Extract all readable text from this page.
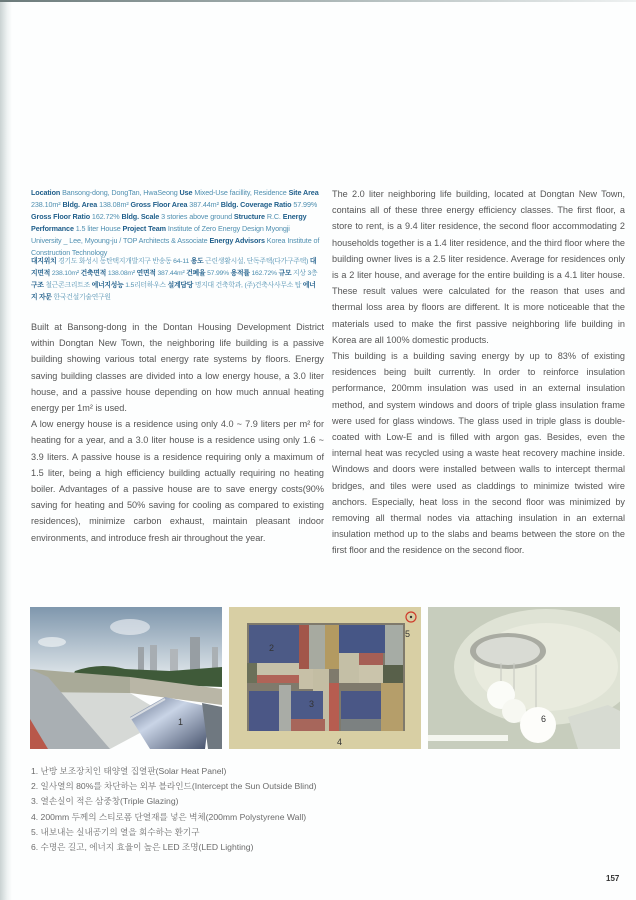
Location Bansong-dong, DongTan, HwaSeong Use Mixed-Use facillity, Residence Site Area 238.10m² Bldg. Area 138.08m² Gross Floor Area 387.44m² Bldg. Coverage Ratio 57.99% Gross Floor Ratio 162.72% Bldg. Scale 3 stories above ground Structure R.C. Energy Performance 1.5 liter House Project Team Institute of Zero Energy Design Myongji University _ Lee, Myoung-ju / TOP Architects & Associate Energy Advisors Korea Institute of Construction Technology
대지위치 경기도 화성시 동탄택지개발지구 반송동 64-11 용도 근린생활시설, 단독주택(다가구주택) 대지면적 238.10m² 건축면적 138.08m² 연면적 387.44m² 건폐율 57.99% 용적률 162.72% 규모 지상 3층 구조 철근콘크리트조 에너지성능 1.5리터하우스 설계담당 명지대 건축학과, (주)건축사사무소 탑 에너지 자문 한국건설기술연구원

Built at Bansong-dong in the Dontan Housing Development District within Dongtan New Town, the neighboring life building is a passive building showing various total energy rate systems by floors. Energy saving building classes are divided into a low energy house, a 3.0 liter house, and a passive house depending on how much annual heating energy per 1m² is used.

A low energy house is a residence using only 4.0 ~ 7.9 liters per m² for heating for a year, and a 3.0 liter house is a residence using only 1.6 ~ 3.9 liters. A passive house is a residence requiring only a maximum of 1.5 liter, being a high efficiency building actually requiring no heating boiler. Advantages of a passive house are to save energy costs(90% saving for heating and 50% saving for cooling as compared to existing residences), minimize carbon exhaust, maintain pleasant indoor environments, and introduce fresh air throughout the year.

The 2.0 liter neighboring life building, located at Dongtan New Town, contains all of these three energy efficiency classes. The first floor, a store to rent, is a 9.4 liter residence, the second floor accommodating 2 households together is a 1.4 liter residence, and the third floor where the building owner lives is a 2.5 liter residence. Average for residences only is a 2 liter house, and average for the entire building is a 4.1 liter house. These result values were calculated for the reason that uses and thermal loss area by floors are different. It is more noticeable that the materials used to make the first passive neighboring life building in Korea are all 100% domestic products.

This building is a building saving energy by up to 83% of existing residences being built currently. In order to reinforce insulation performance, 200mm insulation was used in an external insulation method, and system windows and doors of triple glass insulation frame were used for glass windows. The glass used in triple glass is double-coated with Low-E and is filled with argon gas. Besides, even the internal heat was recycled using a waste heat recovery machine inside. Windows and doors were installed between walls to intercept thermal bridges, and tiles were used as claddings to minimize twisted wire anchors. Especially, heat loss in the second floor was minimized by removing all thermal nodes via attaching insulation in an external insulation method up to the slabs and beams between the store on the first floor and the residence on the second floor.

1
2
3
4
5
6
1. 난방 보조장치인 태양열 집열판(Solar Heat Panel)
2. 일사열의 80%를 차단하는 외부 블라인드(Intercept the Sun Outside Blind)
3. 열손실이 적은 삼중창(Triple Glazing)
4. 200mm 두께의 스티로폼 단열재를 넣은 벽체(200mm Polystyrene Wall)
5. 내보내는 실내공기의 열을 회수하는 환기구
6. 수명은 길고, 에너지 효율이 높은 LED 조명(LED Lighting)
157
